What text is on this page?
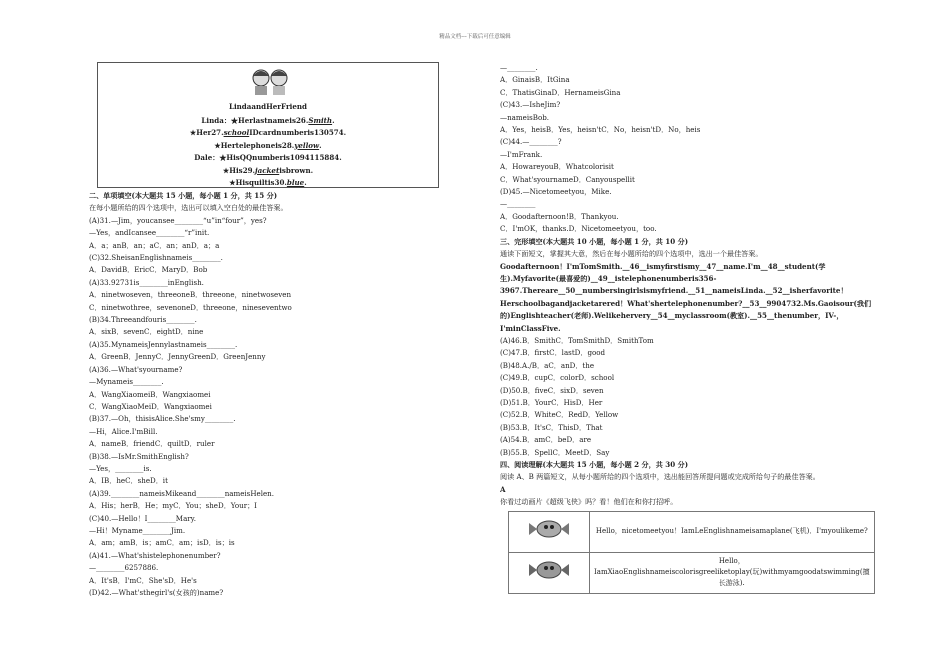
精品文档---下载后可任意编辑
LindaandHerFriend
Linda：★Herlastnameis26.Smith.
★Her27.schoolIDcardnumberis130574.
★Hertelephoneis28.yellow.
Dale：★HisQQnumberis1094115884.
★His29.jacketisbrown.
★Hisquiltis30.blue.
二、单项填空(本大题共 15 小题，每小题 1 分，共 15 分)
在每小题所给的四个选项中，选出可以填入空白处的最佳答案。
(A)31.—Jim，youcansee________“u”in“four”，yes?
—Yes，andIcansee________“r”init.
A．a；anB．an；aC．an；anD．a；a
(C)32.SheisanEnglishnameis________.
A．DavidB．EricC．MaryD．Bob
(A)33.92731is________inEnglish.
A．ninetwoseven，threeoneB．threeone，ninetwoseven
C．ninetwothree，sevenoneD．threeone，nineseventwo
(B)34.Threeandfouris________.
A．sixB．sevenC．eightD．nine
(A)35.MynameisJennylastnameis________.
A．GreenB．JennyC．JennyGreenD．GreenJenny
(A)36.—What'syourname?
—Mynameis________.
A．WangXiaomeiB．Wangxiaomei
C．WangXiaoMeiD．Wangxiaomei
(B)37.—Oh，thisisAlice.She'smy________.
—Hi，Alice.I'mBill.
A．nameB．friendC．quiltD．ruler
(B)38.—IsMr.SmithEnglish?
—Yes，________is.
A．IB．heC．sheD．it
(A)39.________nameisMikeand________nameisHelen.
A．His；herB．He；myC．You；sheD．Your；I
(C)40.—Hello！I________Mary.
—Hi！Myname________Jim.
A．am；amB．is；amC．am；isD．is；is
(A)41.—What'shistelephonenumber?
—________6257886.
A．It'sB．I'mC．She'sD．He's
(D)42.—What'sthegirl's(女孩的)name?
—________.
A．GinaisB．ItGina
C．ThatisGinaD．HernameisGina
(C)43.—IsheJim?
—nameisBob.
A．Yes，heisB．Yes，heisn'tC．No，heisn'tD．No，heis
(C)44.—________?
—I'mFrank.
A．HowareyouB．Whatcolorisit
C．What'syournameD．Canyouspellit
(D)45.—Nicetomeetyou，Mike.
—________
A．Goodafternoon!B．Thankyou.
C．I'mOK，thanks.D．Nicetomeetyou，too.
三、完形填空(本大题共 10 小题，每小题 1 分，共 10 分)
通读下面短文，掌握其大意，然后在每小题所给的四个选项中，选出一个最佳答案。
Goodafternoon！I'mTomSmith.__46__ismyfirstismy__47__name.I'm__48__student(学生).Myfavorite(最喜爱的)__49__istelephonenumberis356-3967.Thereare__50__numbersingirlsismyfriend.__51__nameisLinda.__52__isherfavorite！Herschoolbagandjacketarered！What'shertelephonenumber?__53__9904732.Ms.Gaoisour(我们的)Englishteacher(老师).Welikehervery__54__myclassroom(教室).__55__thenumber，IV-，I'minClassFive.
(A)46.B．SmithC．TomSmithD．SmithTom
(C)47.B．firstC．lastD．good
(B)48.A./B．aC．anD．the
(C)49.B．cupC．colorD．school
(D)50.B．fiveC．sixD．seven
(D)51.B．YourC．HisD．Her
(C)52.B．WhiteC．RedD．Yellow
(B)53.B．It'sC．ThisD．That
(A)54.B．amC．beD．are
(B)55.B．SpellC．MeetD．Say
四、阅读理解(本大题共 15 小题，每小题 2 分，共 30 分)
阅读 A、B 两篇短文，从每小题所给的四个选项中，选出能回答所提问题或完成所给句子的最佳答案。
A
你看过动画片《超级飞侠》吗？看！他们在和你打招呼。
	Hello，nicetomeetyou！IamLeEnglishnameisamaplane(飞机)．I'myoulikeme?
	Hello，IamXiaoEnglishnameiscolorisgreeliketoplay(玩)withmyamgoodatswimming(擅长游泳).
